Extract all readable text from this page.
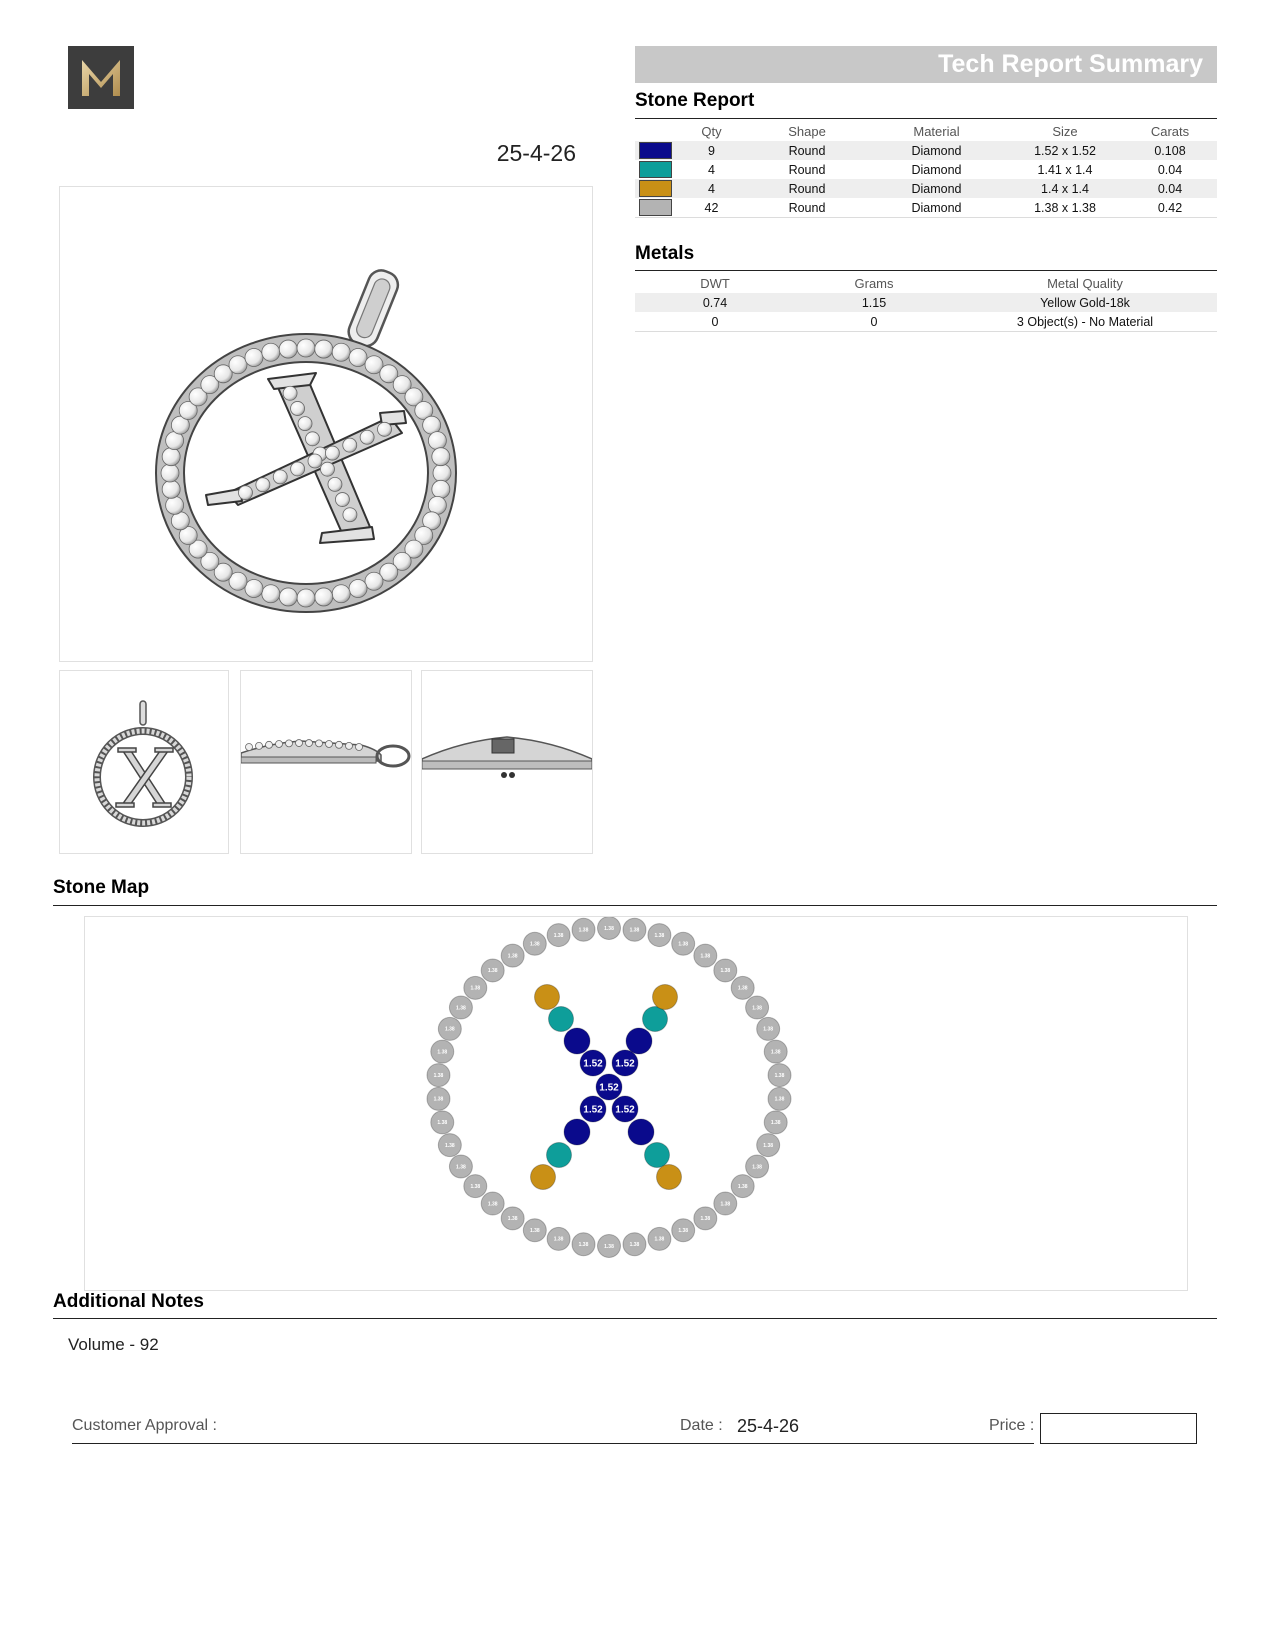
25-4-26
Tech Report Summary
Stone Report
	Qty	Shape	Material	Size	Carats
	9	Round	Diamond	1.52 x 1.52	0.108
	4	Round	Diamond	1.41 x 1.4	0.04
	4	Round	Diamond	1.4 x 1.4	0.04
	42	Round	Diamond	1.38 x 1.38	0.42
Metals
DWT	Grams	Metal Quality
0.74	1.15	Yellow Gold-18k
0	0	3 Object(s) - No Material
Stone Map
1.38	1.38
1.38
1.38
1.38
1.38
1.38
1.38
1.38
1.38
1.38
1.38
1.38
1.38
1.38
1.38
1.38
1.38
1.38
1.38
1.38
1.38
1.38
1.38
1.38
1.38
1.38
1.38
1.38
1.38
1.38
1.38
1.38
1.38
1.38
1.38
1.38
1.38
1.38
1.38
1.38
1.38
1.52
1.52 1.52
1.52 1.52
Additional Notes
Volume - 92
Customer Approval :	Date : 25-4-26	Price :
